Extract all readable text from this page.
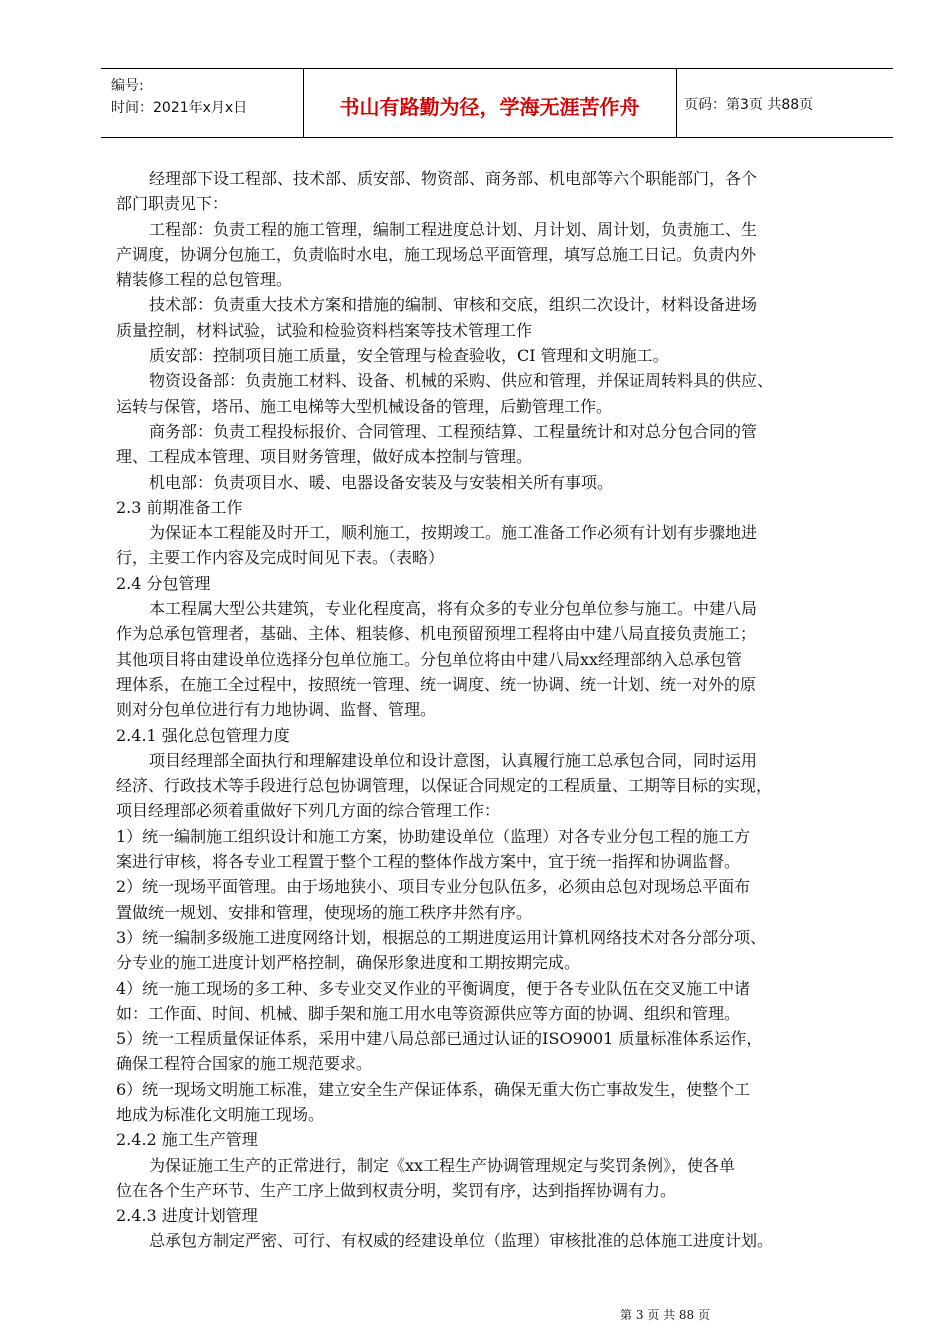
编号:
时间：2021年x月x日	书山有路勤为径，学海无涯苦作舟	页码：第3页 共88页

经理部下设工程部、技术部、质安部、物资部、商务部、机电部等六个职能部门，各个

部门职责见下：

工程部：负责工程的施工管理，编制工程进度总计划、月计划、周计划，负责施工、生

产调度，协调分包施工，负责临时水电，施工现场总平面管理，填写总施工日记。负责内外

精装修工程的总包管理。

技术部：负责重大技术方案和措施的编制、审核和交底，组织二次设计，材料设备进场

质量控制，材料试验，试验和检验资料档案等技术管理工作

质安部：控制项目施工质量，安全管理与检查验收，CI 管理和文明施工。

物资设备部：负责施工材料、设备、机械的采购、供应和管理，并保证周转料具的供应、

运转与保管，塔吊、施工电梯等大型机械设备的管理，后勤管理工作。

商务部：负责工程投标报价、合同管理、工程预结算、工程量统计和对总分包合同的管

理、工程成本管理、项目财务管理，做好成本控制与管理。

机电部：负责项目水、暖、电器设备安装及与安装相关所有事项。

2.3 前期准备工作

为保证本工程能及时开工，顺利施工，按期竣工。施工准备工作必须有计划有步骤地进

行，主要工作内容及完成时间见下表。（表略）

2.4 分包管理

本工程属大型公共建筑，专业化程度高，将有众多的专业分包单位参与施工。中建八局

作为总承包管理者，基础、主体、粗装修、机电预留预埋工程将由中建八局直接负责施工；

其他项目将由建设单位选择分包单位施工。分包单位将由中建八局xx经理部纳入总承包管

理体系，在施工全过程中，按照统一管理、统一调度、统一协调、统一计划、统一对外的原

则对分包单位进行有力地协调、监督、管理。

2.4.1 强化总包管理力度

项目经理部全面执行和理解建设单位和设计意图，认真履行施工总承包合同，同时运用

经济、行政技术等手段进行总包协调管理，以保证合同规定的工程质量、工期等目标的实现，

项目经理部必须着重做好下列几方面的综合管理工作：

1）统一编制施工组织设计和施工方案，协助建设单位（监理）对各专业分包工程的施工方

案进行审核，将各专业工程置于整个工程的整体作战方案中，宜于统一指挥和协调监督。

2）统一现场平面管理。由于场地狭小、项目专业分包队伍多，必须由总包对现场总平面布

置做统一规划、安排和管理，使现场的施工秩序井然有序。

3）统一编制多级施工进度网络计划，根据总的工期进度运用计算机网络技术对各分部分项、

分专业的施工进度计划严格控制，确保形象进度和工期按期完成。

4）统一施工现场的多工种、多专业交叉作业的平衡调度，便于各专业队伍在交叉施工中诸

如：工作面、时间、机械、脚手架和施工用水电等资源供应等方面的协调、组织和管理。

5）统一工程质量保证体系，采用中建八局总部已通过认证的ISO9001 质量标准体系运作，

确保工程符合国家的施工规范要求。

6）统一现场文明施工标准，建立安全生产保证体系，确保无重大伤亡事故发生，使整个工

地成为标准化文明施工现场。

2.4.2 施工生产管理

为保证施工生产的正常进行，制定《xx工程生产协调管理规定与奖罚条例》，使各单

位在各个生产环节、生产工序上做到权责分明，奖罚有序，达到指挥协调有力。

2.4.3 进度计划管理

总承包方制定严密、可行、有权威的经建设单位（监理）审核批准的总体施工进度计划。

第 3 页 共 88 页
